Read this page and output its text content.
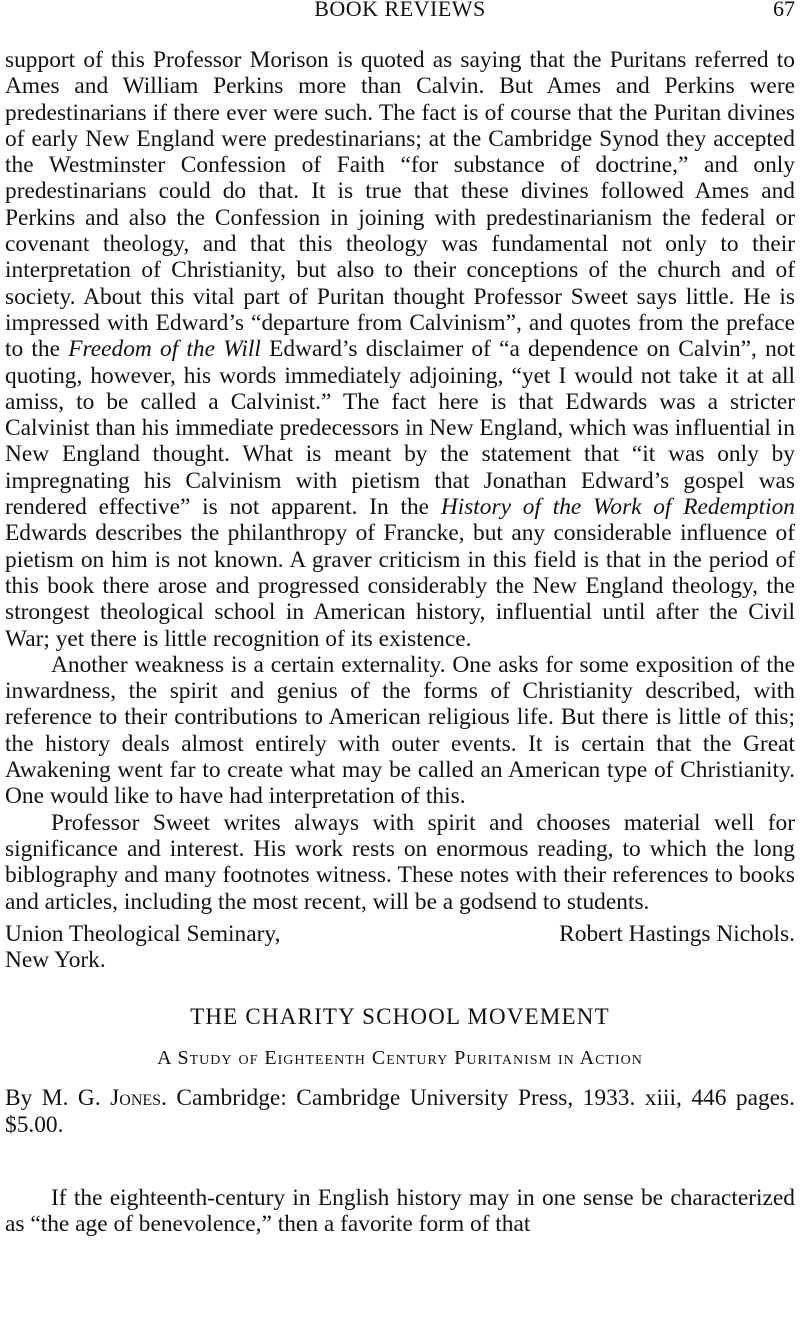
BOOK REVIEWS	67

support of this Professor Morison is quoted as saying that the Puritans referred to Ames and William Perkins more than Calvin. But Ames and Perkins were predestinarians if there ever were such. The fact is of course that the Puritan divines of early New England were predestinarians; at the Cambridge Synod they accepted the Westminster Confession of Faith “for substance of doctrine,” and only predestinarians could do that. It is true that these divines followed Ames and Perkins and also the Confession in joining with predestinarianism the federal or covenant theology, and that this theology was fundamental not only to their interpretation of Christianity, but also to their conceptions of the church and of society. About this vital part of Puritan thought Professor Sweet says little. He is impressed with Edward’s “departure from Calvinism”, and quotes from the preface to the Freedom of the Will Edward’s disclaimer of “a dependence on Calvin”, not quoting, however, his words immediately adjoining, “yet I would not take it at all amiss, to be called a Calvinist.” The fact here is that Edwards was a stricter Calvinist than his immediate predecessors in New England, which was influential in New England thought. What is meant by the statement that “it was only by impregnating his Calvinism with pietism that Jonathan Edward’s gospel was rendered effective” is not apparent. In the History of the Work of Redemption Edwards describes the philanthropy of Francke, but any considerable influence of pietism on him is not known. A graver criticism in this field is that in the period of this book there arose and progressed considerably the New England theology, the strongest theological school in American history, influential until after the Civil War; yet there is little recognition of its existence.

Another weakness is a certain externality. One asks for some exposition of the inwardness, the spirit and genius of the forms of Christianity described, with reference to their contributions to American religious life. But there is little of this; the history deals almost entirely with outer events. It is certain that the Great Awakening went far to create what may be called an American type of Christianity. One would like to have had interpretation of this.

Professor Sweet writes always with spirit and chooses material well for significance and interest. His work rests on enormous reading, to which the long biblography and many footnotes witness. These notes with their references to books and articles, including the most recent, will be a godsend to students.

Union Theological Seminary,
New York.
Robert Hastings Nichols.
THE CHARITY SCHOOL MOVEMENT
A Study of Eighteenth Century Puritanism in Action
By M. G. Jones. Cambridge: Cambridge University Press, 1933. xiii, 446 pages. $5.00.
If the eighteenth-century in English history may in one sense be characterized as “the age of benevolence,” then a favorite form of that
